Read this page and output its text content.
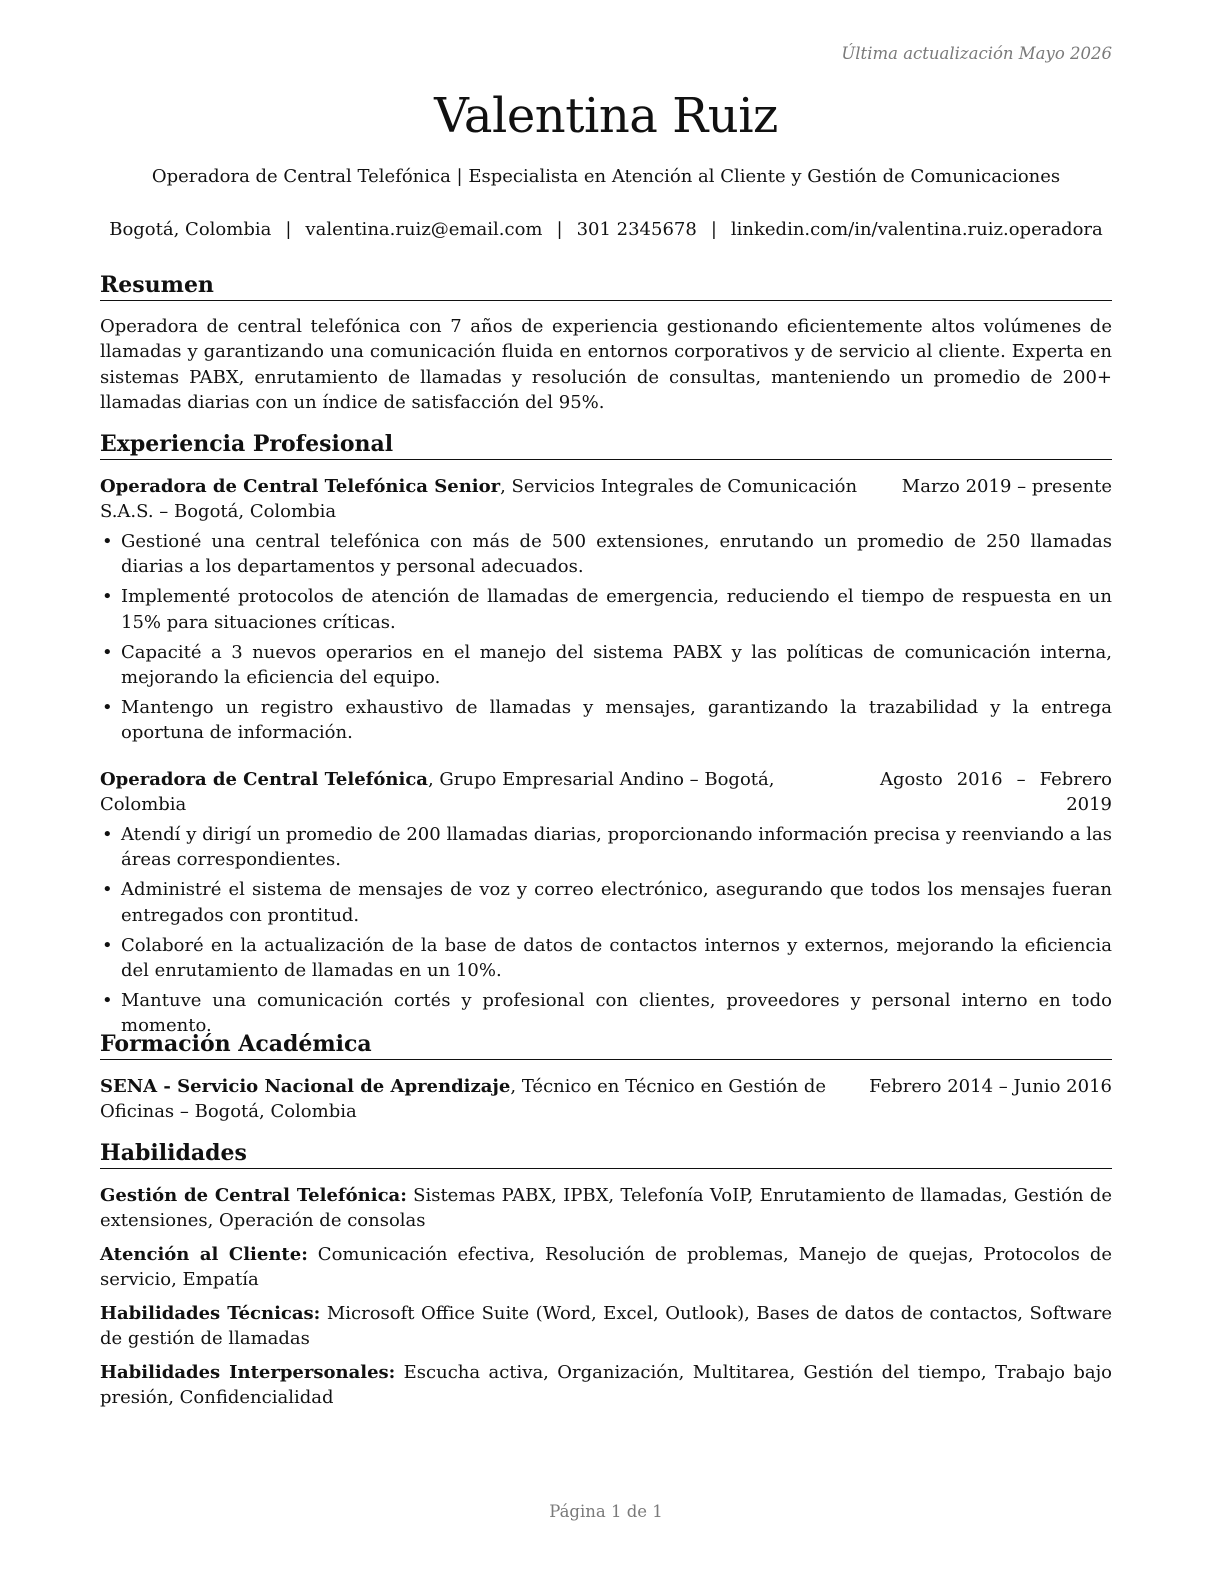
Última actualización Mayo 2026
Valentina Ruiz
Operadora de Central Telefónica | Especialista en Atención al Cliente y Gestión de Comunicaciones
Bogotá, Colombia | valentina.ruiz@email.com | 301 2345678 | linkedin.com/in/valentina.ruiz.operadora
Resumen

Operadora de central telefónica con 7 años de experiencia gestionando eficientemente altos volúmenes de llamadas y garantizando una comunicación fluida en entornos corporativos y de servicio al cliente. Experta en sistemas PABX, enrutamiento de llamadas y resolución de consultas, manteniendo un promedio de 200+ llamadas diarias con un índice de satisfacción del 95%.

Experiencia Profesional
Marzo 2019 – presente
Operadora de Central Telefónica Senior, Servicios Integrales de Comunicación S.A.S. – Bogotá, Colombia
• Gestioné una central telefónica con más de 500 extensiones, enrutando un promedio de 250 llamadas diarias a los departamentos y personal adecuados.
• Implementé protocolos de atención de llamadas de emergencia, reduciendo el tiempo de respuesta en un 15% para situaciones críticas.
• Capacité a 3 nuevos operarios en el manejo del sistema PABX y las políticas de comunicación interna, mejorando la eficiencia del equipo.
• Mantengo un registro exhaustivo de llamadas y mensajes, garantizando la trazabilidad y la entrega oportuna de información.
Agosto 2016 – Febrero 2019
Operadora de Central Telefónica, Grupo Empresarial Andino – Bogotá, Colombia
• Atendí y dirigí un promedio de 200 llamadas diarias, proporcionando información precisa y reenviando a las áreas correspondientes.
• Administré el sistema de mensajes de voz y correo electrónico, asegurando que todos los mensajes fueran entregados con prontitud.
• Colaboré en la actualización de la base de datos de contactos internos y externos, mejorando la eficiencia del enrutamiento de llamadas en un 10%.
• Mantuve una comunicación cortés y profesional con clientes, proveedores y personal interno en todo momento.
Formación Académica
Febrero 2014 – Junio 2016
SENA - Servicio Nacional de Aprendizaje, Técnico en Técnico en Gestión de Oficinas – Bogotá, Colombia
Habilidades

Gestión de Central Telefónica: Sistemas PABX, IPBX, Telefonía VoIP, Enrutamiento de llamadas, Gestión de extensiones, Operación de consolas

Atención al Cliente: Comunicación efectiva, Resolución de problemas, Manejo de quejas, Protocolos de servicio, Empatía

Habilidades Técnicas: Microsoft Office Suite (Word, Excel, Outlook), Bases de datos de contactos, Software de gestión de llamadas

Habilidades Interpersonales: Escucha activa, Organización, Multitarea, Gestión del tiempo, Trabajo bajo presión, Confidencialidad

Página 1 de 1
